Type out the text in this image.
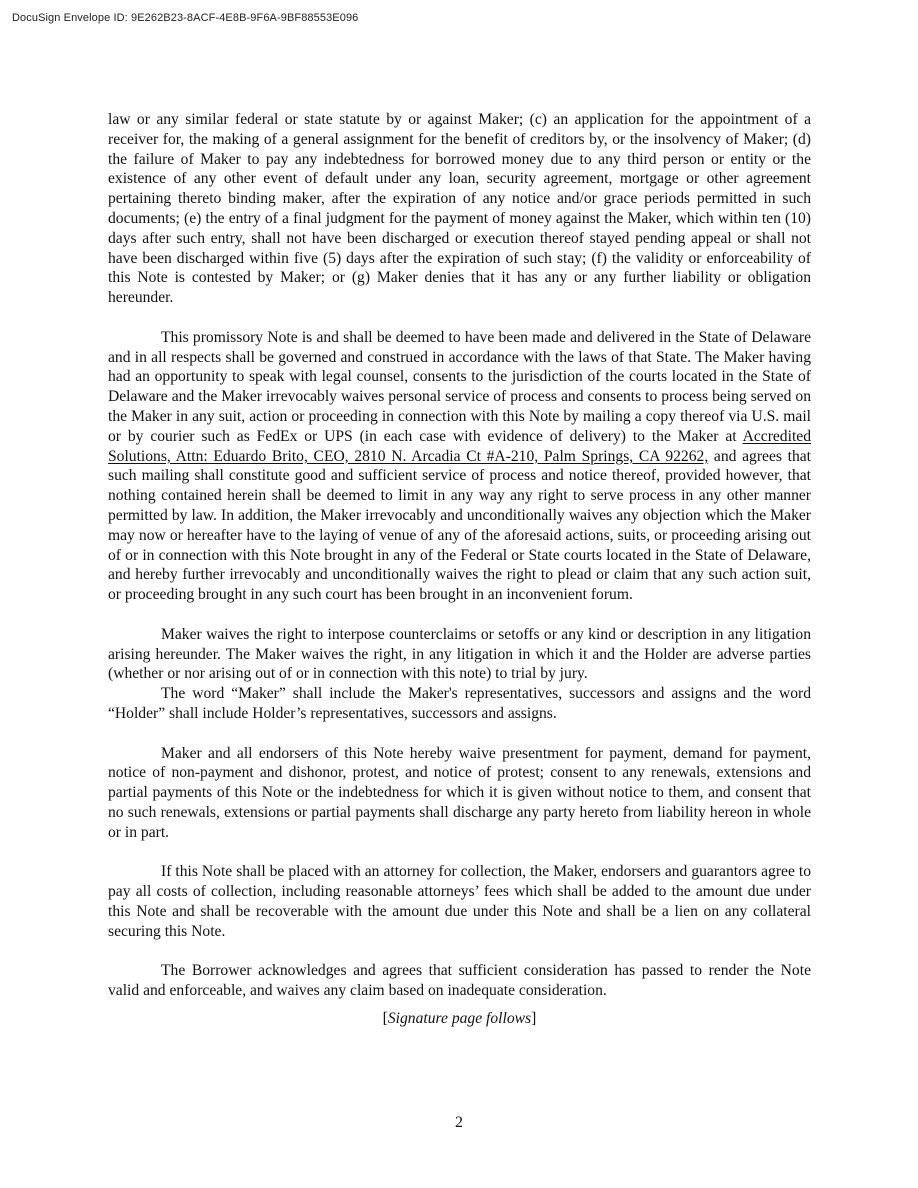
DocuSign Envelope ID: 9E262B23-8ACF-4E8B-9F6A-9BF88553E096

law or any similar federal or state statute by or against Maker; (c) an application for the appointment of a receiver for, the making of a general assignment for the benefit of creditors by, or the insolvency of Maker; (d) the failure of Maker to pay any indebtedness for borrowed money due to any third person or entity or the existence of any other event of default under any loan, security agreement, mortgage or other agreement pertaining thereto binding maker, after the expiration of any notice and/or grace periods permitted in such documents; (e) the entry of a final judgment for the payment of money against the Maker, which within ten (10) days after such entry, shall not have been discharged or execution thereof stayed pending appeal or shall not have been discharged within five (5) days after the expiration of such stay; (f) the validity or enforceability of this Note is contested by Maker; or (g) Maker denies that it has any or any further liability or obligation hereunder.

This promissory Note is and shall be deemed to have been made and delivered in the State of Delaware and in all respects shall be governed and construed in accordance with the laws of that State. The Maker having had an opportunity to speak with legal counsel, consents to the jurisdiction of the courts located in the State of Delaware and the Maker irrevocably waives personal service of process and consents to process being served on the Maker in any suit, action or proceeding in connection with this Note by mailing a copy thereof via U.S. mail or by courier such as FedEx or UPS (in each case with evidence of delivery) to the Maker at Accredited Solutions, Attn: Eduardo Brito, CEO, 2810 N. Arcadia Ct #A-210, Palm Springs, CA 92262, and agrees that such mailing shall constitute good and sufficient service of process and notice thereof, provided however, that nothing contained herein shall be deemed to limit in any way any right to serve process in any other manner permitted by law. In addition, the Maker irrevocably and unconditionally waives any objection which the Maker may now or hereafter have to the laying of venue of any of the aforesaid actions, suits, or proceeding arising out of or in connection with this Note brought in any of the Federal or State courts located in the State of Delaware, and hereby further irrevocably and unconditionally waives the right to plead or claim that any such action suit, or proceeding brought in any such court has been brought in an inconvenient forum.

Maker waives the right to interpose counterclaims or setoffs or any kind or description in any litigation arising hereunder. The Maker waives the right, in any litigation in which it and the Holder are adverse parties (whether or nor arising out of or in connection with this note) to trial by jury.

The word “Maker” shall include the Maker's representatives, successors and assigns and the word “Holder” shall include Holder’s representatives, successors and assigns.

Maker and all endorsers of this Note hereby waive presentment for payment, demand for payment, notice of non-payment and dishonor, protest, and notice of protest; consent to any renewals, extensions and partial payments of this Note or the indebtedness for which it is given without notice to them, and consent that no such renewals, extensions or partial payments shall discharge any party hereto from liability hereon in whole or in part.

If this Note shall be placed with an attorney for collection, the Maker, endorsers and guarantors agree to pay all costs of collection, including reasonable attorneys’ fees which shall be added to the amount due under this Note and shall be recoverable with the amount due under this Note and shall be a lien on any collateral securing this Note.

The Borrower acknowledges and agrees that sufficient consideration has passed to render the Note valid and enforceable, and waives any claim based on inadequate consideration.

[Signature page follows]

2
